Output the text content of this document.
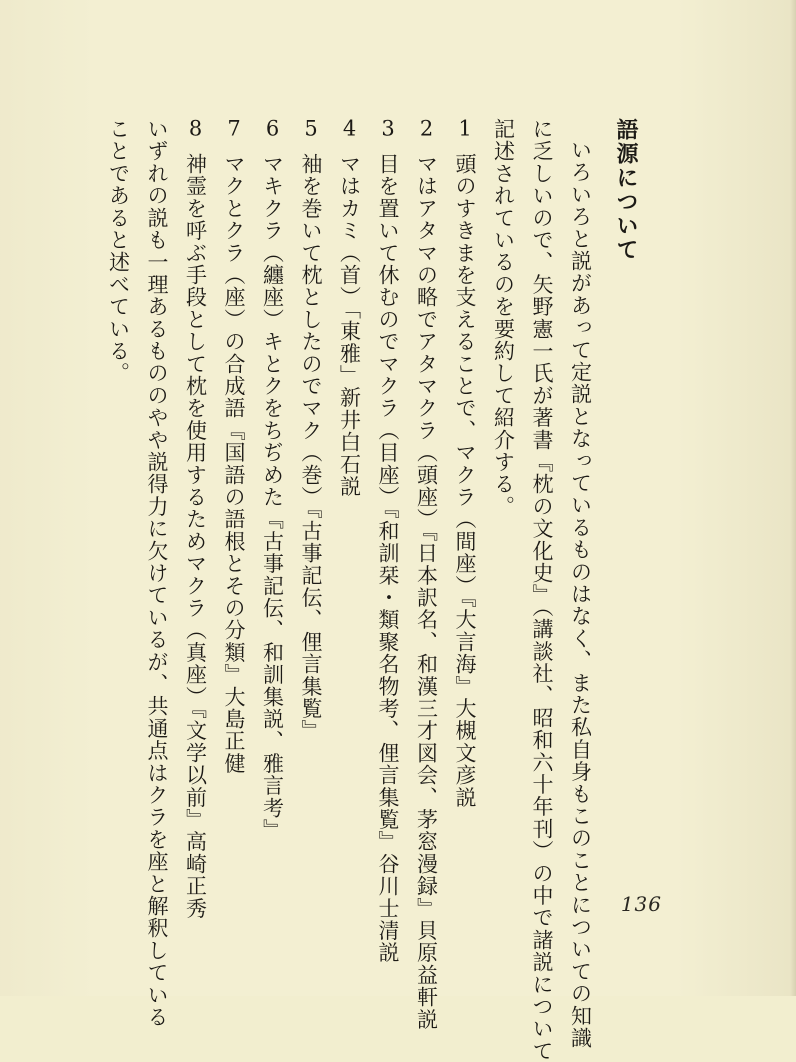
語源について
いろいろと説があって定説となっているものはなく、また私自身もこのことについての知識
に乏しいので、矢野憲一氏が著書『枕の文化史』（講談社、昭和六十年刊）の中で諸説について
記述されているのを要約して紹介する。
1頭のすきまを支えることで、マクラ（間座）『大言海』大槻文彦説
2マはアタマの略でアタマクラ（頭座）『日本訳名、和漢三才図会、茅窓漫録』貝原益軒説
3目を置いて休むのでマクラ（目座）『和訓栞・類聚名物考、俚言集覧』谷川士清説
4マはカミ（首）「東雅」新井白石説
5袖を巻いて枕としたのでマク（巻）『古事記伝、俚言集覧』
6マキクラ（纏座）キとクをちぢめた『古事記伝、和訓集説、雅言考』
7マクとクラ（座）の合成語『国語の語根とその分類』大島正健
8神霊を呼ぶ手段として枕を使用するためマクラ（真座）『文学以前』高崎正秀
いずれの説も一理あるもののやや説得力に欠けているが、共通点はクラを座と解釈している
ことであると述べている。
136
